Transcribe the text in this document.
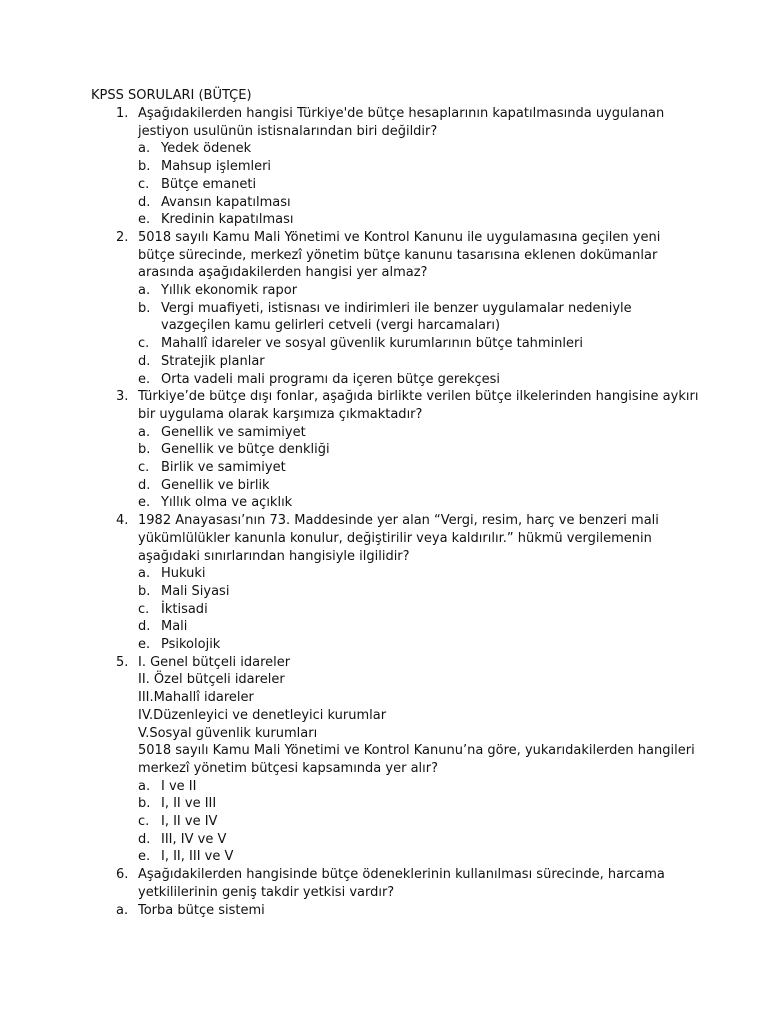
KPSS SORULARI (BÜTÇE)
1. Aşağıdakilerden hangisi Türkiye'de bütçe hesaplarının kapatılmasında uygulanan
jestiyon usulünün istisnalarından biri değildir?
a. Yedek ödenek
b. Mahsup işlemleri
c. Bütçe emaneti
d. Avansın kapatılması
e. Kredinin kapatılması
2. 5018 sayılı Kamu Mali Yönetimi ve Kontrol Kanunu ile uygulamasına geçilen yeni
bütçe sürecinde, merkezî yönetim bütçe kanunu tasarısına eklenen dokümanlar
arasında aşağıdakilerden hangisi yer almaz?
a. Yıllık ekonomik rapor
b. Vergi muafiyeti, istisnası ve indirimleri ile benzer uygulamalar nedeniyle
vazgeçilen kamu gelirleri cetveli (vergi harcamaları)
c. Mahallî idareler ve sosyal güvenlik kurumlarının bütçe tahminleri
d. Stratejik planlar
e. Orta vadeli mali programı da içeren bütçe gerekçesi
3. Türkiye’de bütçe dışı fonlar, aşağıda birlikte verilen bütçe ilkelerinden hangisine aykırı
bir uygulama olarak karşımıza çıkmaktadır?
a. Genellik ve samimiyet
b. Genellik ve bütçe denkliği
c. Birlik ve samimiyet
d. Genellik ve birlik
e. Yıllık olma ve açıklık
4. 1982 Anayasası’nın 73. Maddesinde yer alan “Vergi, resim, harç ve benzeri mali
yükümlülükler kanunla konulur, değiştirilir veya kaldırılır.” hükmü vergilemenin
aşağıdaki sınırlarından hangisiyle ilgilidir?
a. Hukuki
b. Mali Siyasi
c. İktisadi
d. Mali
e. Psikolojik
5. I. Genel bütçeli idareler
II. Özel bütçeli idareler
III.Mahallî idareler
IV.Düzenleyici ve denetleyici kurumlar
V.Sosyal güvenlik kurumları
5018 sayılı Kamu Mali Yönetimi ve Kontrol Kanunu’na göre, yukarıdakilerden hangileri
merkezî yönetim bütçesi kapsamında yer alır?
a. I ve II
b. I, II ve III
c. I, II ve IV
d. III, IV ve V
e. I, II, III ve V
6. Aşağıdakilerden hangisinde bütçe ödeneklerinin kullanılması sürecinde, harcama
yetkililerinin geniş takdir yetkisi vardır?
a. Torba bütçe sistemi
